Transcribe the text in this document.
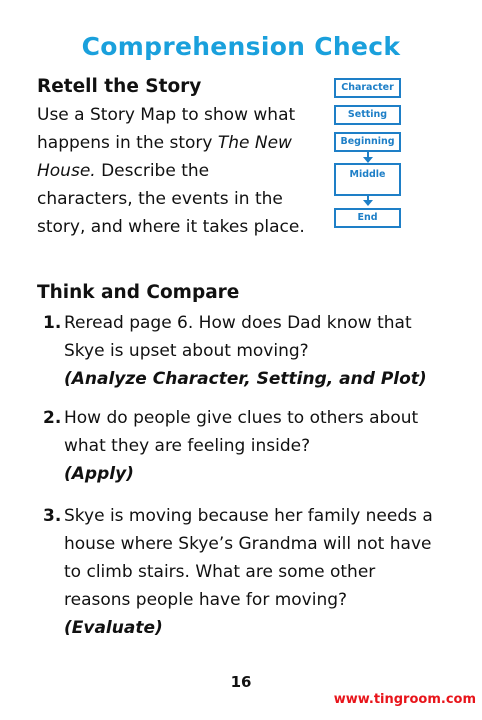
Comprehension Check
Retell the Story
Use a Story Map to show what happens in the story The New House. Describe the characters, the events in the story, and where it takes place.
Character
Setting
Beginning
Middle
End
Think and Compare
1. Reread page 6. How does Dad know that Skye is upset about moving?
(Analyze Character, Setting, and Plot)
2. How do people give clues to others about what they are feeling inside?
(Apply)
3. Skye is moving because her family needs a house where Skye’s Grandma will not have to climb stairs. What are some other reasons people have for moving? (Evaluate)
16
www.tingroom.com
